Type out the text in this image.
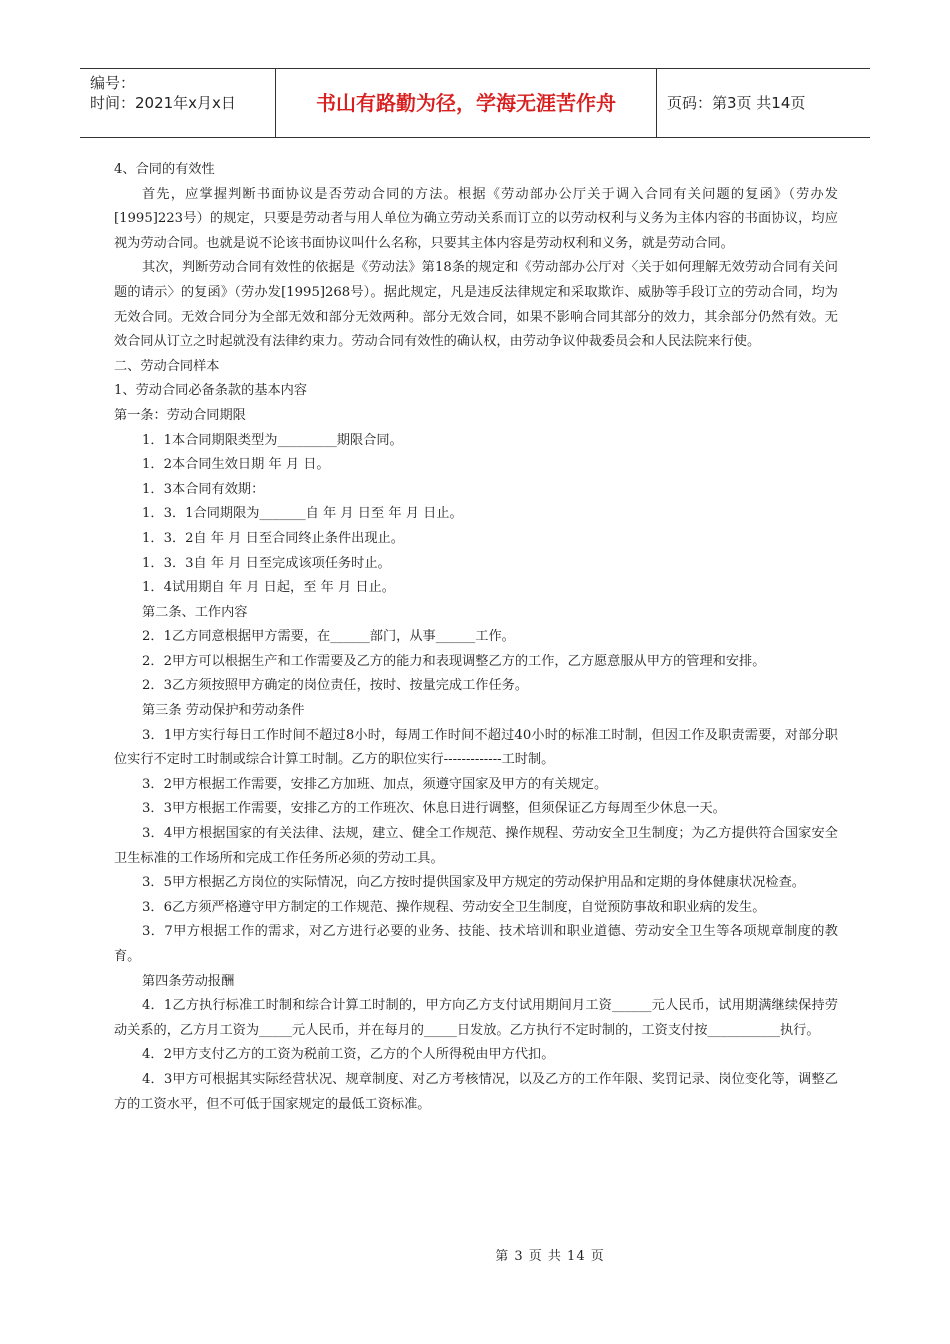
编号：
时间：2021年x月x日	书山有路勤为径，学海无涯苦作舟	页码：第3页 共14页

4、合同的有效性

首先，应掌握判断书面协议是否劳动合同的方法。根据《劳动部办公厅关于调入合同有关问题的复函》（劳办发[1995]223号）的规定，只要是劳动者与用人单位为确立劳动关系而订立的以劳动权利与义务为主体内容的书面协议，均应视为劳动合同。也就是说不论该书面协议叫什么名称，只要其主体内容是劳动权利和义务，就是劳动合同。

其次，判断劳动合同有效性的依据是《劳动法》第18条的规定和《劳动部办公厅对〈关于如何理解无效劳动合同有关问题的请示〉的复函》（劳办发[1995]268号）。据此规定，凡是违反法律规定和采取欺诈、威胁等手段订立的劳动合同，均为无效合同。无效合同分为全部无效和部分无效两种。部分无效合同，如果不影响合同其部分的效力，其余部分仍然有效。无效合同从订立之时起就没有法律约束力。劳动合同有效性的确认权，由劳动争议仲裁委员会和人民法院来行使。

二、劳动合同样本

1、劳动合同必备条款的基本内容

第一条：劳动合同期限

1．1本合同期限类型为_________期限合同。

1．2本合同生效日期 年 月 日。

1．3本合同有效期：

1．3．1合同期限为_______自 年 月 日至 年 月 日止。

1．3．2自 年 月 日至合同终止条件出现止。

1．3．3自 年 月 日至完成该项任务时止。

1．4试用期自 年 月 日起，至 年 月 日止。

第二条、工作内容

2．1乙方同意根据甲方需要，在______部门，从事______工作。

2．2甲方可以根据生产和工作需要及乙方的能力和表现调整乙方的工作，乙方愿意服从甲方的管理和安排。

2．3乙方须按照甲方确定的岗位责任，按时、按量完成工作任务。

第三条 劳动保护和劳动条件

3．1甲方实行每日工作时间不超过8小时，每周工作时间不超过40小时的标准工时制，但因工作及职责需要，对部分职位实行不定时工时制或综合计算工时制。乙方的职位实行-------------工时制。

3．2甲方根据工作需要，安排乙方加班、加点，须遵守国家及甲方的有关规定。

3．3甲方根据工作需要，安排乙方的工作班次、休息日进行调整，但须保证乙方每周至少休息一天。

3．4甲方根据国家的有关法律、法规，建立、健全工作规范、操作规程、劳动安全卫生制度；为乙方提供符合国家安全卫生标准的工作场所和完成工作任务所必须的劳动工具。

3．5甲方根据乙方岗位的实际情况，向乙方按时提供国家及甲方规定的劳动保护用品和定期的身体健康状况检查。

3．6乙方须严格遵守甲方制定的工作规范、操作规程、劳动安全卫生制度，自觉预防事故和职业病的发生。

3．7甲方根据工作的需求，对乙方进行必要的业务、技能、技术培训和职业道德、劳动安全卫生等各项规章制度的教育。

第四条劳动报酬

4．1乙方执行标准工时制和综合计算工时制的，甲方向乙方支付试用期间月工资______元人民币，试用期满继续保持劳动关系的，乙方月工资为_____元人民币，并在每月的_____日发放。乙方执行不定时制的，工资支付按___________执行。

4．2甲方支付乙方的工资为税前工资，乙方的个人所得税由甲方代扣。

4．3甲方可根据其实际经营状况、规章制度、对乙方考核情况，以及乙方的工作年限、奖罚记录、岗位变化等，调整乙方的工资水平，但不可低于国家规定的最低工资标准。

第 3 页 共 14 页
